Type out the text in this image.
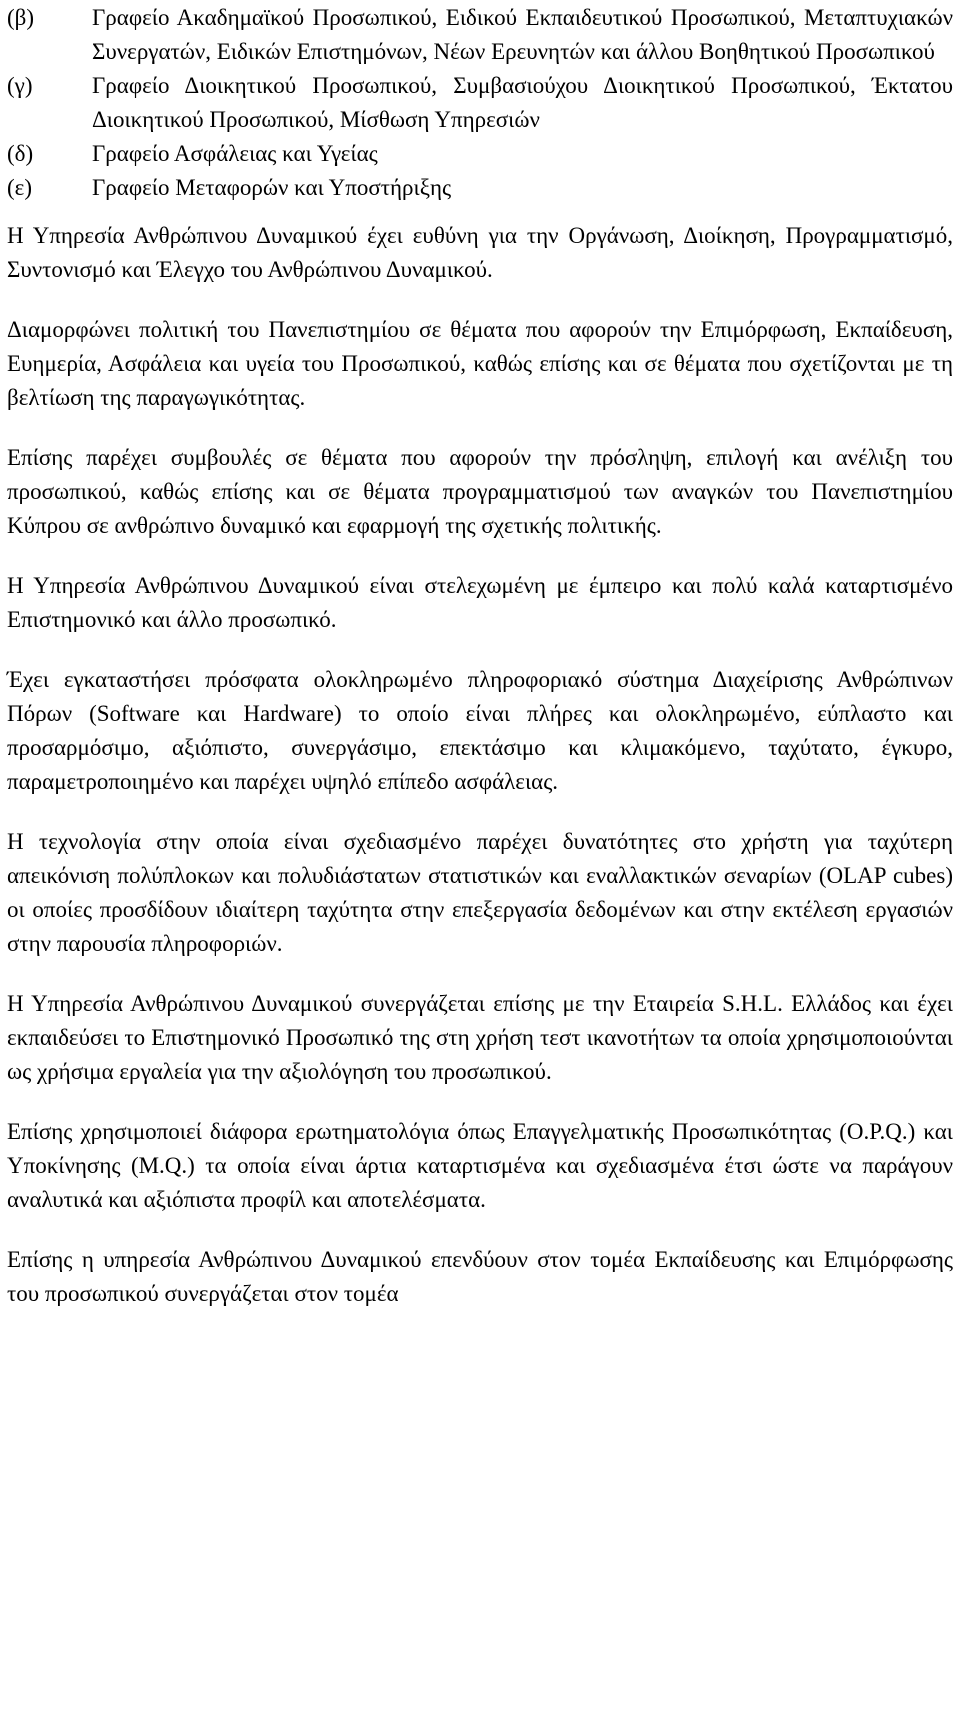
(β)	Γραφείο Ακαδημαϊκού Προσωπικού, Ειδικού Εκπαιδευτικού Προσωπικού, Μεταπτυχιακών Συνεργατών, Ειδικών Επιστημόνων, Νέων Ερευνητών και άλλου Βοηθητικού Προσωπικού
(γ)	Γραφείο Διοικητικού Προσωπικού, Συμβασιούχου Διοικητικού Προσωπικού, Έκτατου Διοικητικού Προσωπικού, Μίσθωση Υπηρεσιών
(δ)	Γραφείο Ασφάλειας και Υγείας
(ε)	Γραφείο Μεταφορών και Υποστήριξης

Η Υπηρεσία Ανθρώπινου Δυναμικού έχει ευθύνη για την Οργάνωση, Διοίκηση, Προγραμματισμό, Συντονισμό και Έλεγχο του Ανθρώπινου Δυναμικού.

Διαμορφώνει πολιτική του Πανεπιστημίου σε θέματα που αφορούν την Επιμόρφωση, Εκπαίδευση, Ευημερία, Ασφάλεια και υγεία του Προσωπικού, καθώς επίσης και σε θέματα που σχετίζονται με τη βελτίωση της παραγωγικότητας.

Επίσης παρέχει συμβουλές σε θέματα που αφορούν την πρόσληψη, επιλογή και ανέλιξη του προσωπικού, καθώς επίσης και σε θέματα προγραμματισμού των αναγκών του Πανεπιστημίου Κύπρου σε ανθρώπινο δυναμικό και εφαρμογή της σχετικής πολιτικής.

Η Υπηρεσία Ανθρώπινου Δυναμικού είναι στελεχωμένη με έμπειρο και πολύ καλά καταρτισμένο Επιστημονικό και άλλο προσωπικό.

Έχει εγκαταστήσει πρόσφατα ολοκληρωμένο πληροφοριακό σύστημα Διαχείρισης Ανθρώπινων Πόρων (Software και Hardware) το οποίο είναι πλήρες και ολοκληρωμένο, εύπλαστο και προσαρμόσιμο, αξιόπιστο, συνεργάσιμο, επεκτάσιμο και κλιμακόμενο, ταχύτατο, έγκυρο, παραμετροποιημένο και παρέχει υψηλό επίπεδο ασφάλειας.

Η τεχνολογία στην οποία είναι σχεδιασμένο παρέχει δυνατότητες στο χρήστη για ταχύτερη απεικόνιση πολύπλοκων και πολυδιάστατων στατιστικών και εναλλακτικών σεναρίων (OLAP cubes) οι οποίες προσδίδουν ιδιαίτερη ταχύτητα στην επεξεργασία δεδομένων και στην εκτέλεση εργασιών στην παρουσία πληροφοριών.

Η Υπηρεσία Ανθρώπινου Δυναμικού συνεργάζεται επίσης με την Εταιρεία S.H.L. Ελλάδος και έχει εκπαιδεύσει το Επιστημονικό Προσωπικό της στη χρήση τεστ ικανοτήτων τα οποία χρησιμοποιούνται ως χρήσιμα εργαλεία για την αξιολόγηση του προσωπικού.

Επίσης χρησιμοποιεί διάφορα ερωτηματολόγια όπως Επαγγελματικής Προσωπικότητας (O.P.Q.) και Υποκίνησης (M.Q.) τα οποία είναι άρτια καταρτισμένα και σχεδιασμένα έτσι ώστε να παράγουν αναλυτικά και αξιόπιστα προφίλ και αποτελέσματα.

Επίσης η υπηρεσία Ανθρώπινου Δυναμικού επενδύουν στον τομέα Εκπαίδευσης και Επιμόρφωσης του προσωπικού συνεργάζεται στον τομέα
